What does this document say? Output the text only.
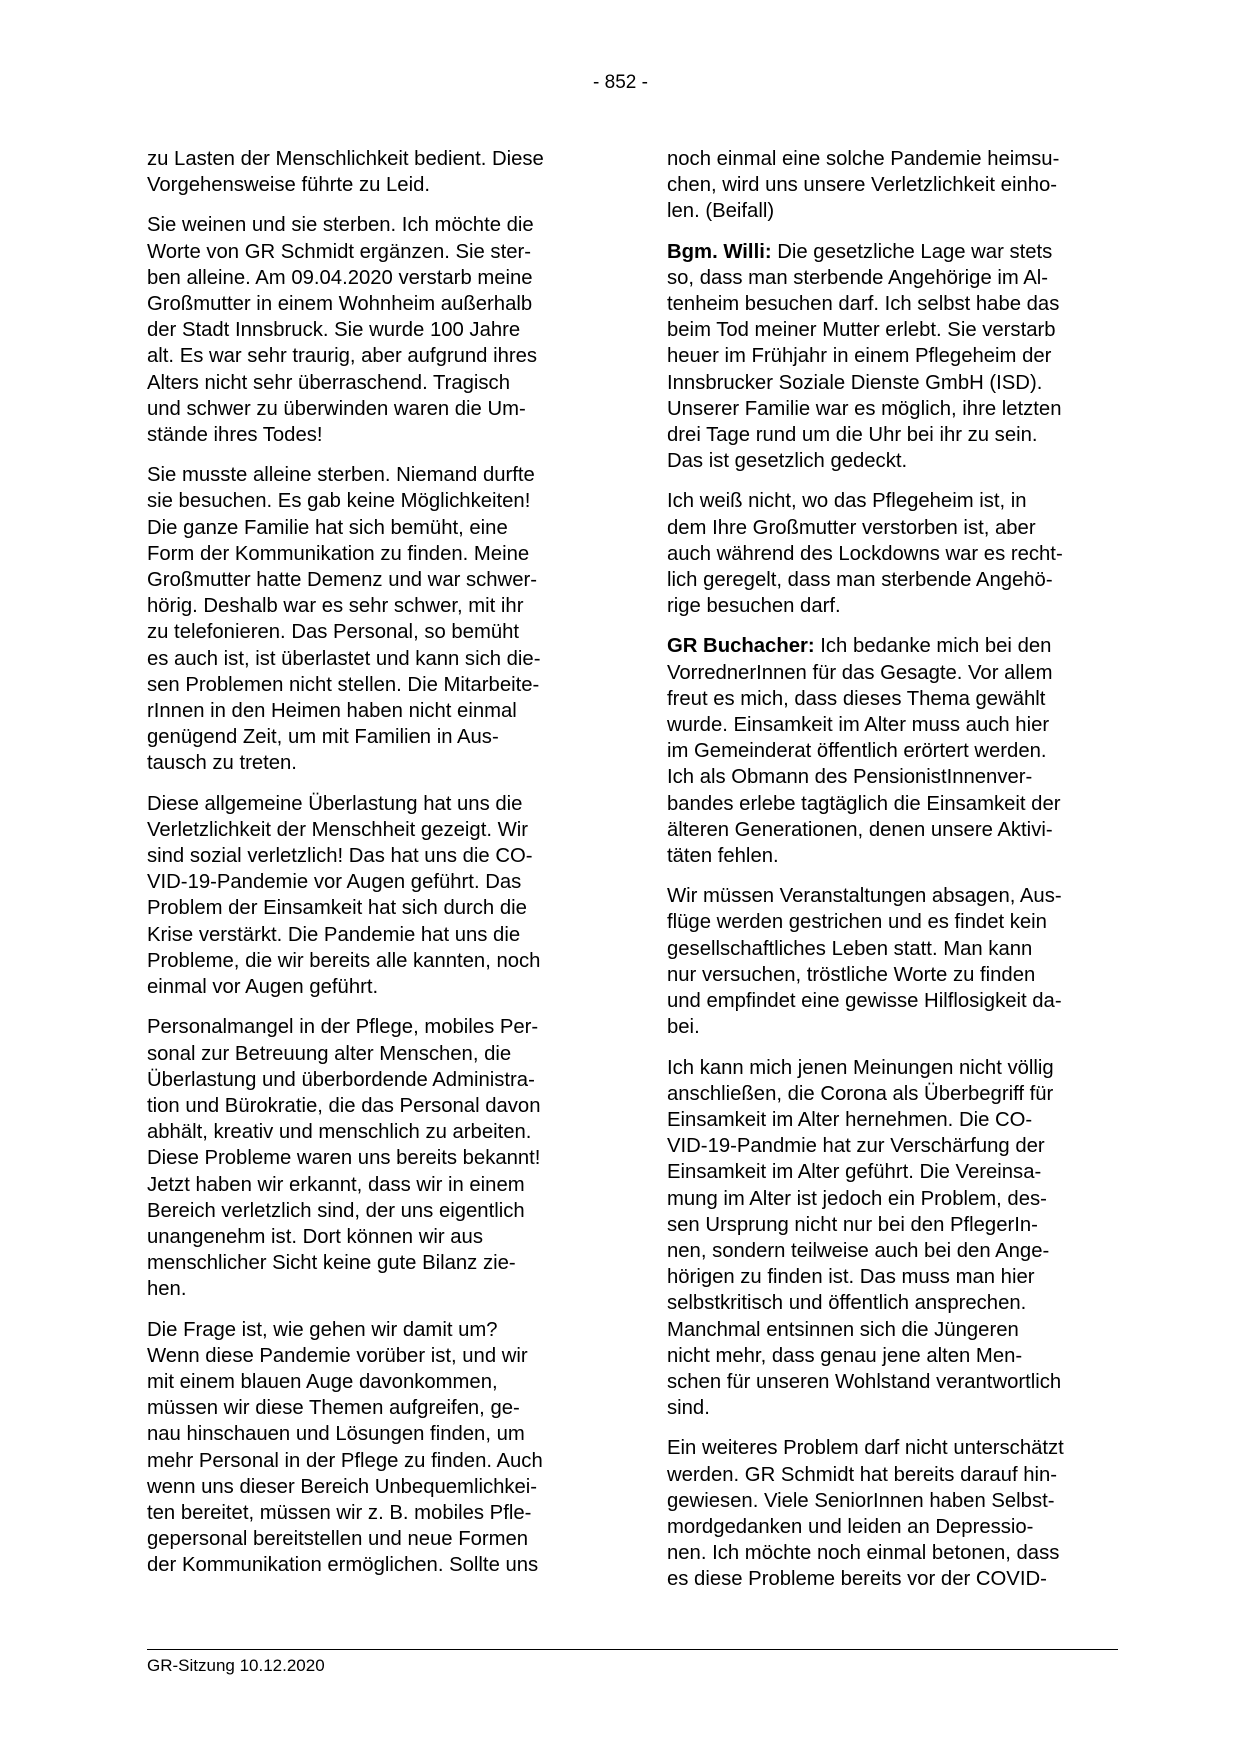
- 852 -

zu Lasten der Menschlichkeit bedient. Diese
Vorgehensweise führte zu Leid.

Sie weinen und sie sterben. Ich möchte die
Worte von GR Schmidt ergänzen. Sie ster-
ben alleine. Am 09.04.2020 verstarb meine
Großmutter in einem Wohnheim außerhalb
der Stadt Innsbruck. Sie wurde 100 Jahre
alt. Es war sehr traurig, aber aufgrund ihres
Alters nicht sehr überraschend. Tragisch
und schwer zu überwinden waren die Um-
stände ihres Todes!

Sie musste alleine sterben. Niemand durfte
sie besuchen. Es gab keine Möglichkeiten!
Die ganze Familie hat sich bemüht, eine
Form der Kommunikation zu finden. Meine
Großmutter hatte Demenz und war schwer-
hörig. Deshalb war es sehr schwer, mit ihr
zu telefonieren. Das Personal, so bemüht
es auch ist, ist überlastet und kann sich die-
sen Problemen nicht stellen. Die Mitarbeite-
rInnen in den Heimen haben nicht einmal
genügend Zeit, um mit Familien in Aus-
tausch zu treten.

Diese allgemeine Überlastung hat uns die
Verletzlichkeit der Menschheit gezeigt. Wir
sind sozial verletzlich! Das hat uns die CO-
VID-19-Pandemie vor Augen geführt. Das
Problem der Einsamkeit hat sich durch die
Krise verstärkt. Die Pandemie hat uns die
Probleme, die wir bereits alle kannten, noch
einmal vor Augen geführt.

Personalmangel in der Pflege, mobiles Per-
sonal zur Betreuung alter Menschen, die
Überlastung und überbordende Administra-
tion und Bürokratie, die das Personal davon
abhält, kreativ und menschlich zu arbeiten.
Diese Probleme waren uns bereits bekannt!
Jetzt haben wir erkannt, dass wir in einem
Bereich verletzlich sind, der uns eigentlich
unangenehm ist. Dort können wir aus
menschlicher Sicht keine gute Bilanz zie-
hen.

Die Frage ist, wie gehen wir damit um?
Wenn diese Pandemie vorüber ist, und wir
mit einem blauen Auge davonkommen,
müssen wir diese Themen aufgreifen, ge-
nau hinschauen und Lösungen finden, um
mehr Personal in der Pflege zu finden. Auch
wenn uns dieser Bereich Unbequemlichkei-
ten bereitet, müssen wir z. B. mobiles Pfle-
gepersonal bereitstellen und neue Formen
der Kommunikation ermöglichen. Sollte uns

noch einmal eine solche Pandemie heimsu-
chen, wird uns unsere Verletzlichkeit einho-
len. (Beifall)

Bgm. Willi: Die gesetzliche Lage war stets
so, dass man sterbende Angehörige im Al-
tenheim besuchen darf. Ich selbst habe das
beim Tod meiner Mutter erlebt. Sie verstarb
heuer im Frühjahr in einem Pflegeheim der
Innsbrucker Soziale Dienste GmbH (ISD).
Unserer Familie war es möglich, ihre letzten
drei Tage rund um die Uhr bei ihr zu sein.
Das ist gesetzlich gedeckt.

Ich weiß nicht, wo das Pflegeheim ist, in
dem Ihre Großmutter verstorben ist, aber
auch während des Lockdowns war es recht-
lich geregelt, dass man sterbende Angehö-
rige besuchen darf.

GR Buchacher: Ich bedanke mich bei den
VorrednerInnen für das Gesagte. Vor allem
freut es mich, dass dieses Thema gewählt
wurde. Einsamkeit im Alter muss auch hier
im Gemeinderat öffentlich erörtert werden.
Ich als Obmann des PensionistInnenver-
bandes erlebe tagtäglich die Einsamkeit der
älteren Generationen, denen unsere Aktivi-
täten fehlen.

Wir müssen Veranstaltungen absagen, Aus-
flüge werden gestrichen und es findet kein
gesellschaftliches Leben statt. Man kann
nur versuchen, tröstliche Worte zu finden
und empfindet eine gewisse Hilflosigkeit da-
bei.

Ich kann mich jenen Meinungen nicht völlig
anschließen, die Corona als Überbegriff für
Einsamkeit im Alter hernehmen. Die CO-
VID-19-Pandmie hat zur Verschärfung der
Einsamkeit im Alter geführt. Die Vereinsa-
mung im Alter ist jedoch ein Problem, des-
sen Ursprung nicht nur bei den PflegerIn-
nen, sondern teilweise auch bei den Ange-
hörigen zu finden ist. Das muss man hier
selbstkritisch und öffentlich ansprechen.
Manchmal entsinnen sich die Jüngeren
nicht mehr, dass genau jene alten Men-
schen für unseren Wohlstand verantwortlich
sind.

Ein weiteres Problem darf nicht unterschätzt
werden. GR Schmidt hat bereits darauf hin-
gewiesen. Viele SeniorInnen haben Selbst-
mordgedanken und leiden an Depressio-
nen. Ich möchte noch einmal betonen, dass
es diese Probleme bereits vor der COVID-

GR-Sitzung 10.12.2020
